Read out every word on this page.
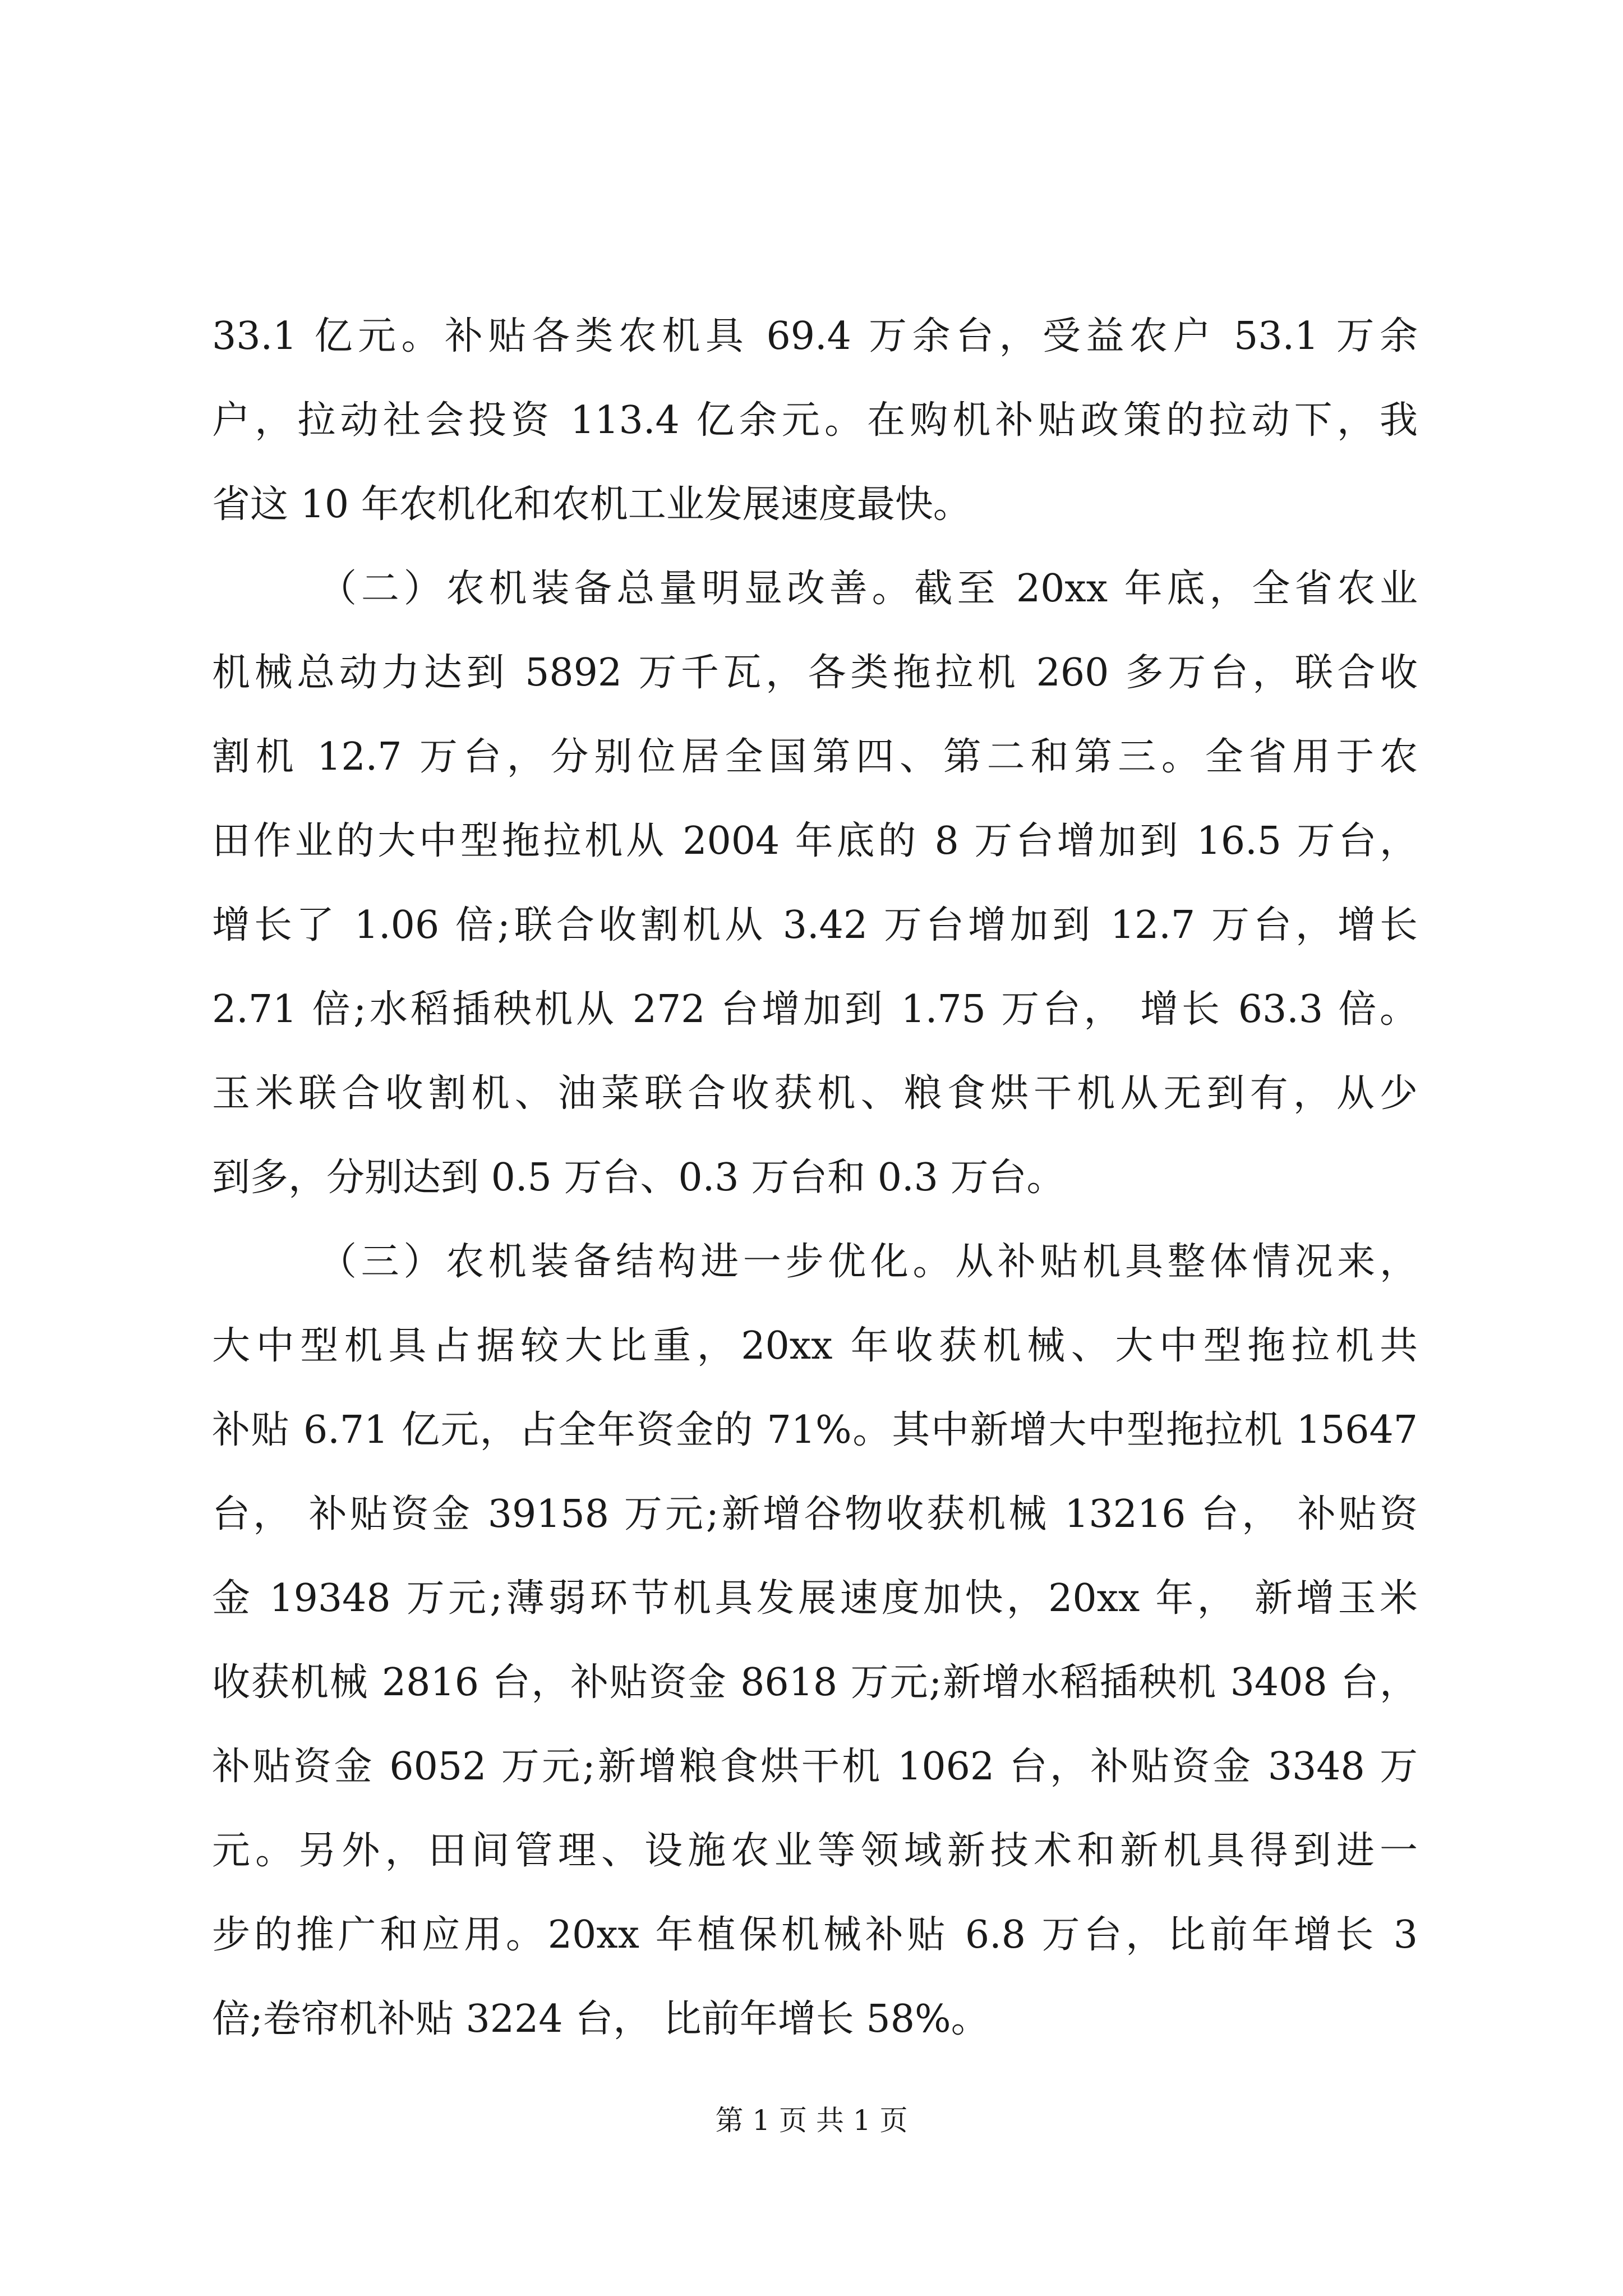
33.1 亿元。补贴各类农机具 69.4 万余台，受益农户 53.1 万余
户，拉动社会投资 113.4 亿余元。在购机补贴政策的拉动下，我
省这 10 年农机化和农机工业发展速度最快。
（二）农机装备总量明显改善。截至 20xx 年底，全省农业
机械总动力达到 5892 万千瓦，各类拖拉机 260 多万台，联合收
割机 12.7 万台，分别位居全国第四、第二和第三。全省用于农
田作业的大中型拖拉机从 2004 年底的 8 万台增加到 16.5 万台，
增长了 1.06 倍;联合收割机从 3.42 万台增加到 12.7 万台，增长
2.71 倍;水稻插秧机从 272 台增加到 1.75 万台， 增长 63.3 倍。
玉米联合收割机、油菜联合收获机、粮食烘干机从无到有，从少
到多，分别达到 0.5 万台、0.3 万台和 0.3 万台。
（三）农机装备结构进一步优化。从补贴机具整体情况来，
大中型机具占据较大比重，20xx 年收获机械、大中型拖拉机共
补贴 6.71 亿元，占全年资金的 71%。其中新增大中型拖拉机 15647
台， 补贴资金 39158 万元;新增谷物收获机械 13216 台， 补贴资
金 19348 万元;薄弱环节机具发展速度加快，20xx 年， 新增玉米
收获机械 2816 台，补贴资金 8618 万元;新增水稻插秧机 3408 台，
补贴资金 6052 万元;新增粮食烘干机 1062 台，补贴资金 3348 万
元。另外，田间管理、设施农业等领域新技术和新机具得到进一
步的推广和应用。20xx 年植保机械补贴 6.8 万台，比前年增长 3
倍;卷帘机补贴 3224 台， 比前年增长 58%。
第 1 页 共 1 页
